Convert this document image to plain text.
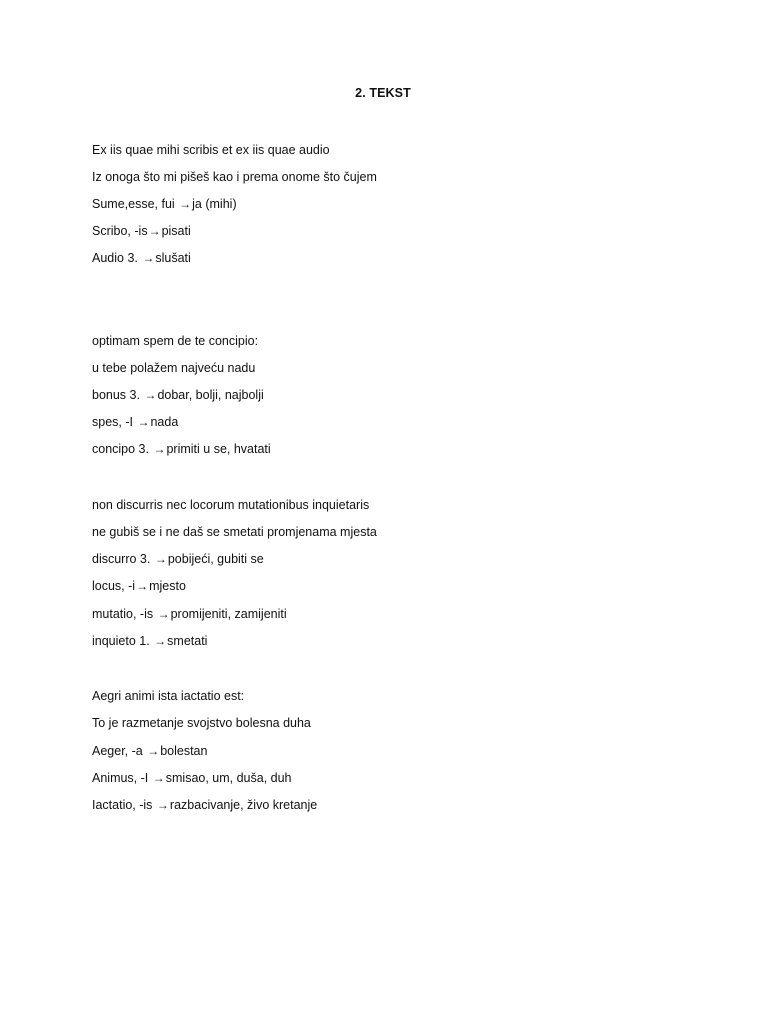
2. TEKST
Ex iis quae mihi scribis et ex iis quae audio
Iz onoga što mi pišeš kao i prema onome što čujem
Sume,esse, fui →ja (mihi)
Scribo, -is→pisati
Audio 3. →slušati
optimam spem de te concipio:
u tebe polažem najveću nadu
bonus 3. →dobar, bolji, najbolji
spes, -I →nada
concipo 3. →primiti u se, hvatati
non discurris nec locorum mutationibus inquietaris
ne gubiš se i ne daš se smetati promjenama mjesta
discurro 3. →pobijeći, gubiti se
locus, -i→mjesto
mutatio, -is →promijeniti, zamijeniti
inquieto 1. →smetati
Aegri animi ista iactatio est:
To je razmetanje svojstvo bolesna duha
Aeger, -a →bolestan
Animus, -I →smisao, um, duša, duh
Iactatio, -is →razbacivanje, živo kretanje
